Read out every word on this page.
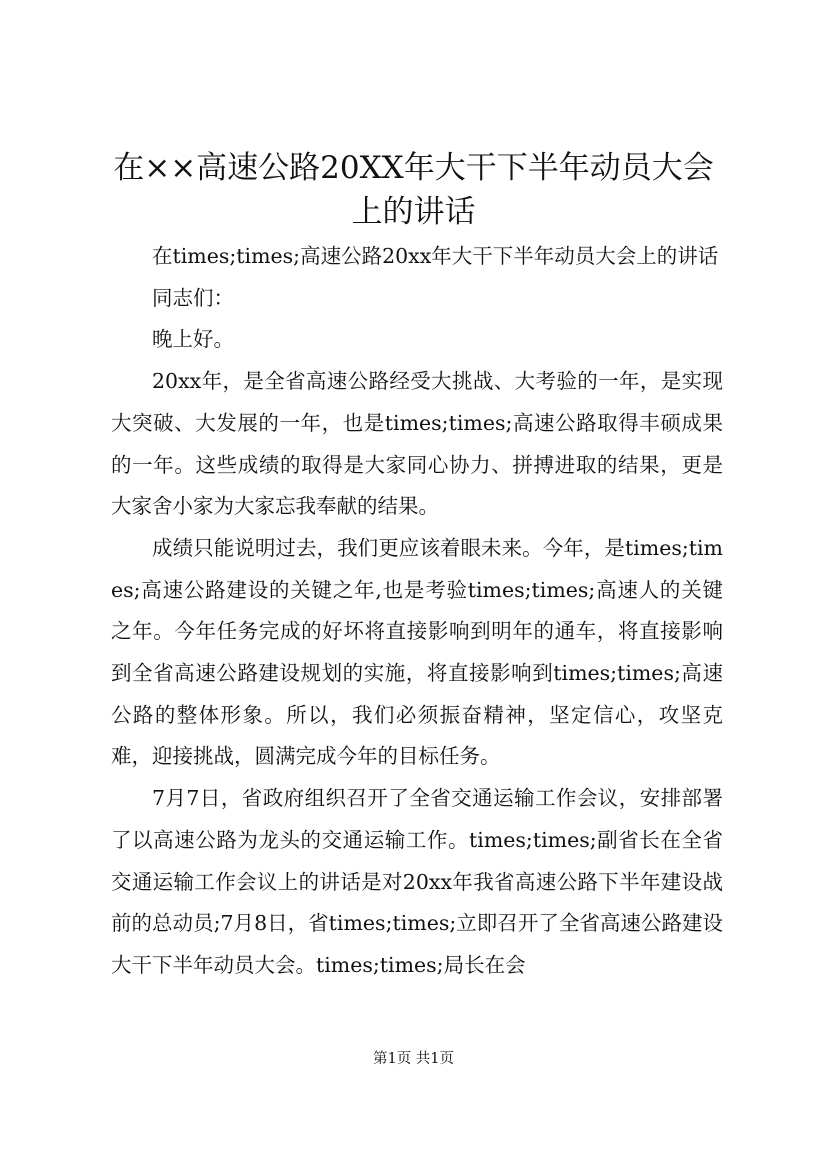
在××高速公路20XX年大干下半年动员大会上的讲话

在times;times;高速公路20xx年大干下半年动员大会上的讲话

同志们：

晚上好。

20xx年，是全省高速公路经受大挑战、大考验的一年，是实现大突破、大发展的一年，也是times;times;高速公路取得丰硕成果的一年。这些成绩的取得是大家同心协力、拼搏进取的结果，更是大家舍小家为大家忘我奉献的结果。

成绩只能说明过去，我们更应该着眼未来。今年，是times;times;高速公路建设的关键之年,也是考验times;times;高速人的关键之年。今年任务完成的好坏将直接影响到明年的通车，将直接影响到全省高速公路建设规划的实施，将直接影响到times;times;高速公路的整体形象。所以，我们必须振奋精神，坚定信心，攻坚克难，迎接挑战，圆满完成今年的目标任务。

7月7日，省政府组织召开了全省交通运输工作会议，安排部署了以高速公路为龙头的交通运输工作。times;times;副省长在全省交通运输工作会议上的讲话是对20xx年我省高速公路下半年建设战前的总动员;7月8日，省times;times;立即召开了全省高速公路建设大干下半年动员大会。times;times;局长在会

第1页 共1页
